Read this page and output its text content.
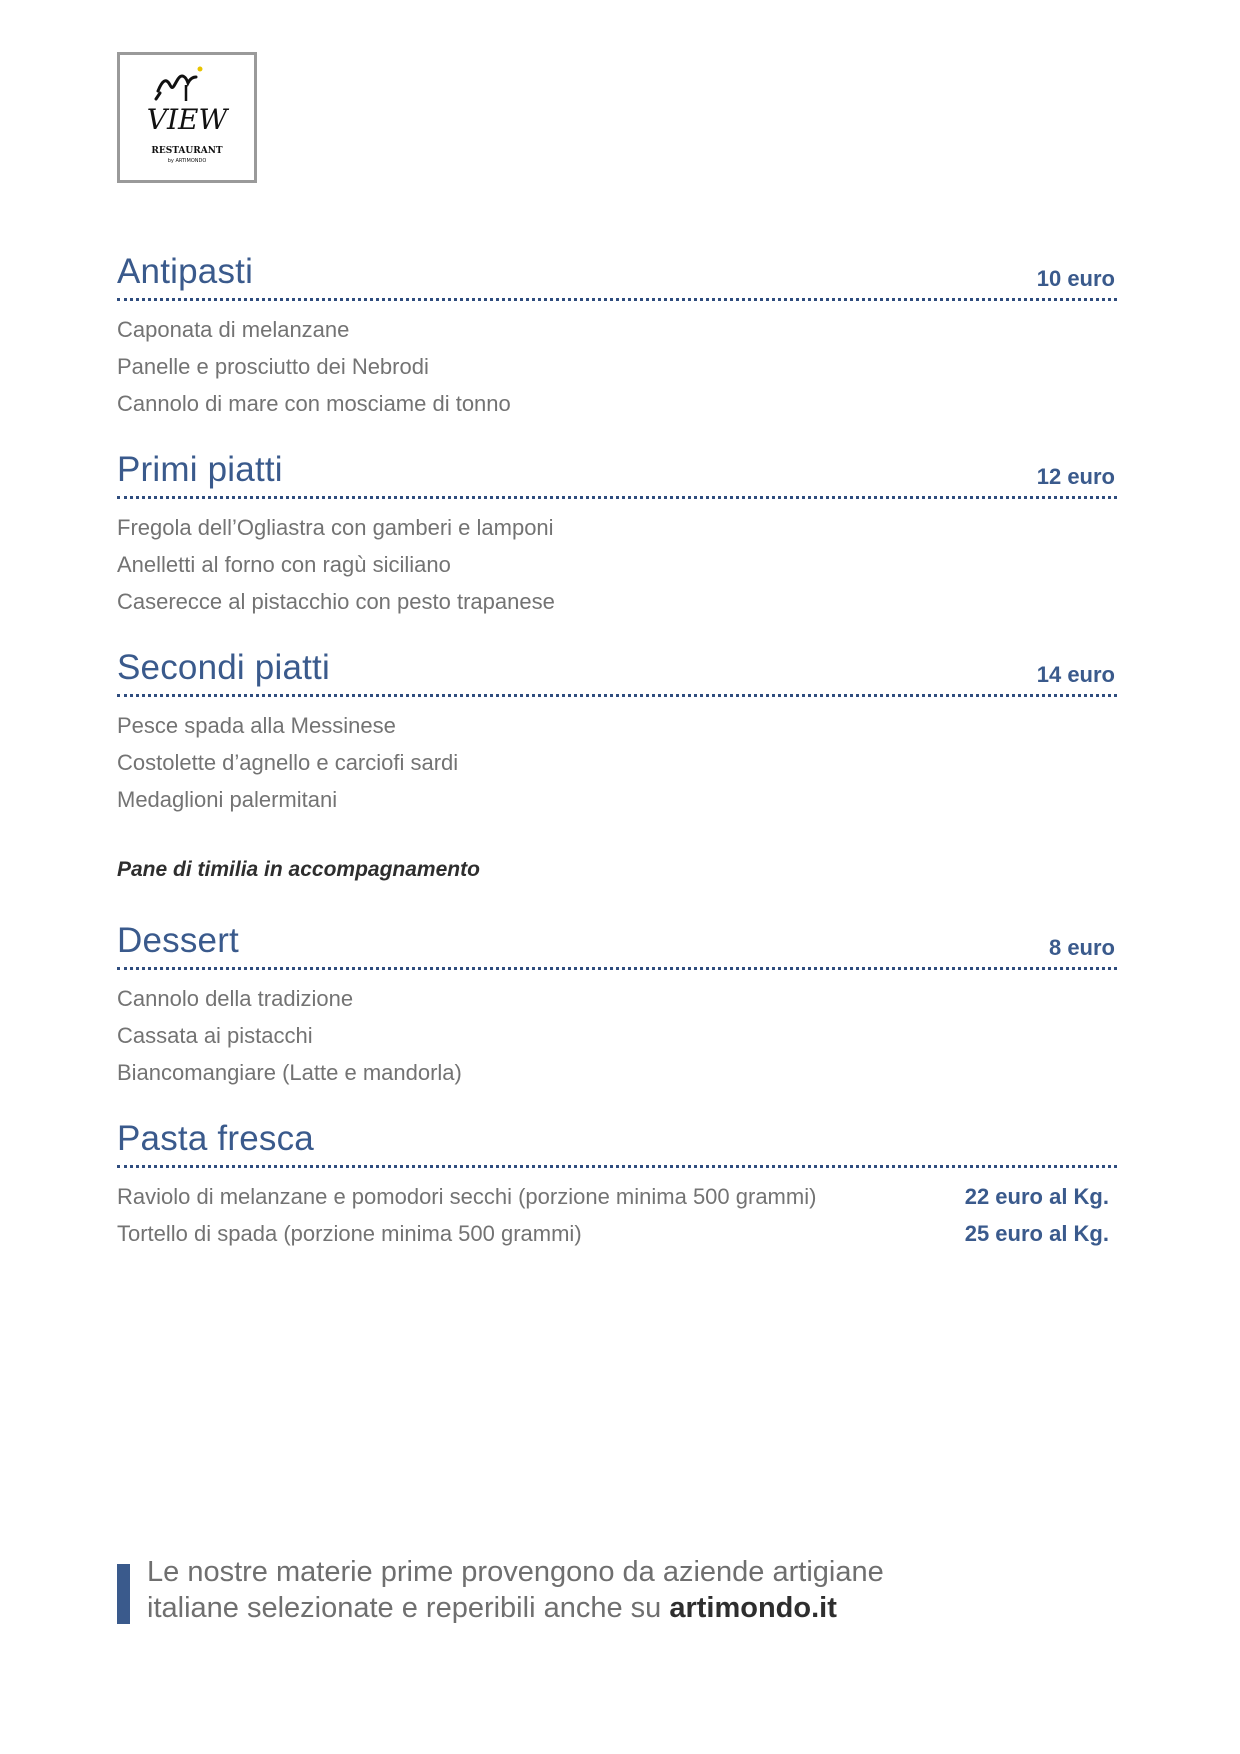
VIEW
RESTAURANT
by ARTIMONDO
Antipasti	10 euro
Caponata di melanzane
Panelle e prosciutto dei Nebrodi
Cannolo di mare con mosciame di tonno
Primi piatti	12 euro
Fregola dell’Ogliastra con gamberi e lamponi
Anelletti al forno con ragù siciliano
Caserecce al pistacchio con pesto trapanese
Secondi piatti	14 euro
Pesce spada alla Messinese
Costolette d’agnello e carciofi sardi
Medaglioni palermitani
Pane di timilia in accompagnamento
Dessert	8 euro
Cannolo della tradizione
Cassata ai pistacchi
Biancomangiare (Latte e mandorla)
Pasta fresca
Raviolo di melanzane e pomodori secchi (porzione minima 500 grammi)	22 euro al Kg.
Tortello di spada (porzione minima 500 grammi)	25 euro al Kg.
Le nostre materie prime provengono da aziende artigiane
italiane selezionate e reperibili anche su artimondo.it
